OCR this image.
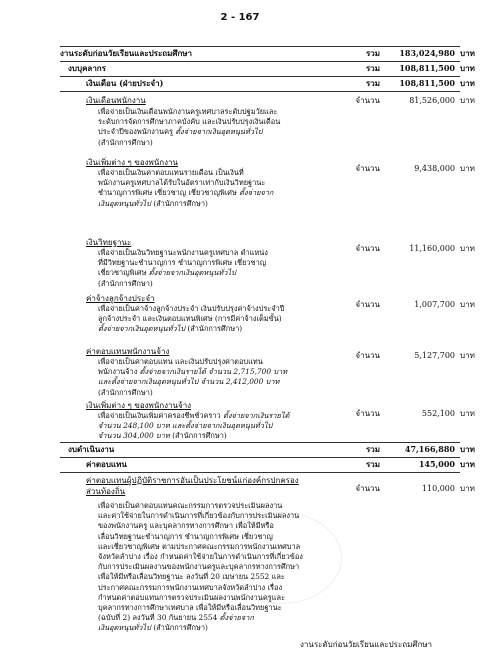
2 - 167
งานระดับก่อนวัยเรียนและประถมศึกษา	รวม	183,024,980 บาท
งบบุคลากร	รวม	108,811,500 บาท
เงินเดือน (ฝ่ายประจำ)	รวม	108,811,500 บาท
เงินเดือนพนักงาน	จำนวน	81,526,000 บาท
เพื่อจ่ายเป็นเงินเดือนพนักงานครูเทศบาลระดับปฐมวัยและ
ระดับการจัดการศึกษาภาคบังคับ และเงินปรับปรุงเงินเดือน
ประจำปีของพนักงานครู ตั้งจ่ายจากเงินอุดหนุนทั่วไป
(สำนักการศึกษา)
เงินเพิ่มต่าง ๆ ของพนักงาน
จำนวน	9,438,000 บาท
เพื่อจ่ายเป็นเงินค่าตอบแทนรายเดือน เป็นเงินที่
พนักงานครูเทศบาลได้รับในอัตราเท่ากับเงินวิทยฐานะ
ชำนาญการพิเศษ เชี่ยวชาญ เชี่ยวชาญพิเศษ ตั้งจ่ายจาก
เงินอุดหนุนทั่วไป (สำนักการศึกษา)
เงินวิทยฐานะ
จำนวน	11,160,000 บาท
เพื่อจ่ายเป็นเงินวิทยฐานะพนักงานครูเทศบาล ตำแหน่ง
ที่มีวิทยฐานะชำนาญการ ชำนาญการพิเศษ เชี่ยวชาญ
เชี่ยวชาญพิเศษ ตั้งจ่ายจากเงินอุดหนุนทั่วไป
(สำนักการศึกษา)
ค่าจ้างลูกจ้างประจำ
จำนวน	1,007,700 บาท
เพื่อจ่ายเป็นค่าจ้างลูกจ้างประจำ เงินปรับปรุงค่าจ้างประจำปี
ลูกจ้างประจำ และเงินตอบแทนพิเศษ (การมีค่าจ้างเต็มขั้น)
ตั้งจ่ายจากเงินอุดหนุนทั่วไป (สำนักการศึกษา)
ค่าตอบแทนพนักงานจ้าง	จำนวน	5,127,700 บาท
เพื่อจ่ายเป็นค่าตอบแทน และเงินปรับปรุงค่าตอบแทน
พนักงานจ้าง ตั้งจ่ายจากเงินรายได้ จำนวน 2,715,700 บาท
และตั้งจ่ายจากเงินอุดหนุนทั่วไป จำนวน 2,412,000 บาท
(สำนักการศึกษา)
เงินเพิ่มต่าง ๆ ของพนักงานจ้าง
จำนวน	552,100 บาท
เพื่อจ่ายเป็นเงินเพิ่มค่าครองชีพชั่วคราว ตั้งจ่ายจากเงินรายได้
จำนวน 248,100 บาท และตั้งจ่ายจากเงินอุดหนุนทั่วไป
จำนวน 304,000 บาท (สำนักการศึกษา)
งบดำเนินงาน	รวม	47,166,880 บาท
ค่าตอบแทน	รวม	145,000 บาท
ค่าตอบแทนผู้ปฏิบัติราชการอันเป็นประโยชน์แก่องค์กรปกครอง
จำนวน	110,000 บาท
ส่วนท้องถิ่น
เพื่อจ่ายเป็นค่าตอบแทนคณะกรรมการตรวจประเมินผลงาน
และค่าใช้จ่ายในการดำเนินการที่เกี่ยวข้องกับการประเมินผลงาน
ของพนักงานครู และบุคลากรทางการศึกษา เพื่อให้มีหรือ
เลื่อนวิทยฐานะชำนาญการ ชำนาญการพิเศษ เชี่ยวชาญ
และเชี่ยวชาญพิเศษ ตามประกาศคณะกรรมการพนักงานเทศบาล
จังหวัดลำปาง เรื่อง กำหนดค่าใช้จ่ายในการดำเนินการที่เกี่ยวข้อง
กับการประเมินผลงานของพนักงานครูและบุคลากรทางการศึกษา
เพื่อให้มีหรือเลื่อนวิทยฐานะ ลงวันที่ 20 เมษายน 2552 และ
ประกาศคณะกรรมการพนักงานเทศบาลจังหวัดลำปาง เรื่อง
กำหนดค่าตอบแทนการตรวจประเมินผลงานพนักงานครูและ
บุคลากรทางการศึกษาเทศบาล เพื่อให้มีหรือเลื่อนวิทยฐานะ
(ฉบับที่ 2) ลงวันที่ 30 กันยายน 2554 ตั้งจ่ายจาก
เงินอุดหนุนทั่วไป (สำนักการศึกษา)
งานระดับก่อนวัยเรียนและประถมศึกษา
